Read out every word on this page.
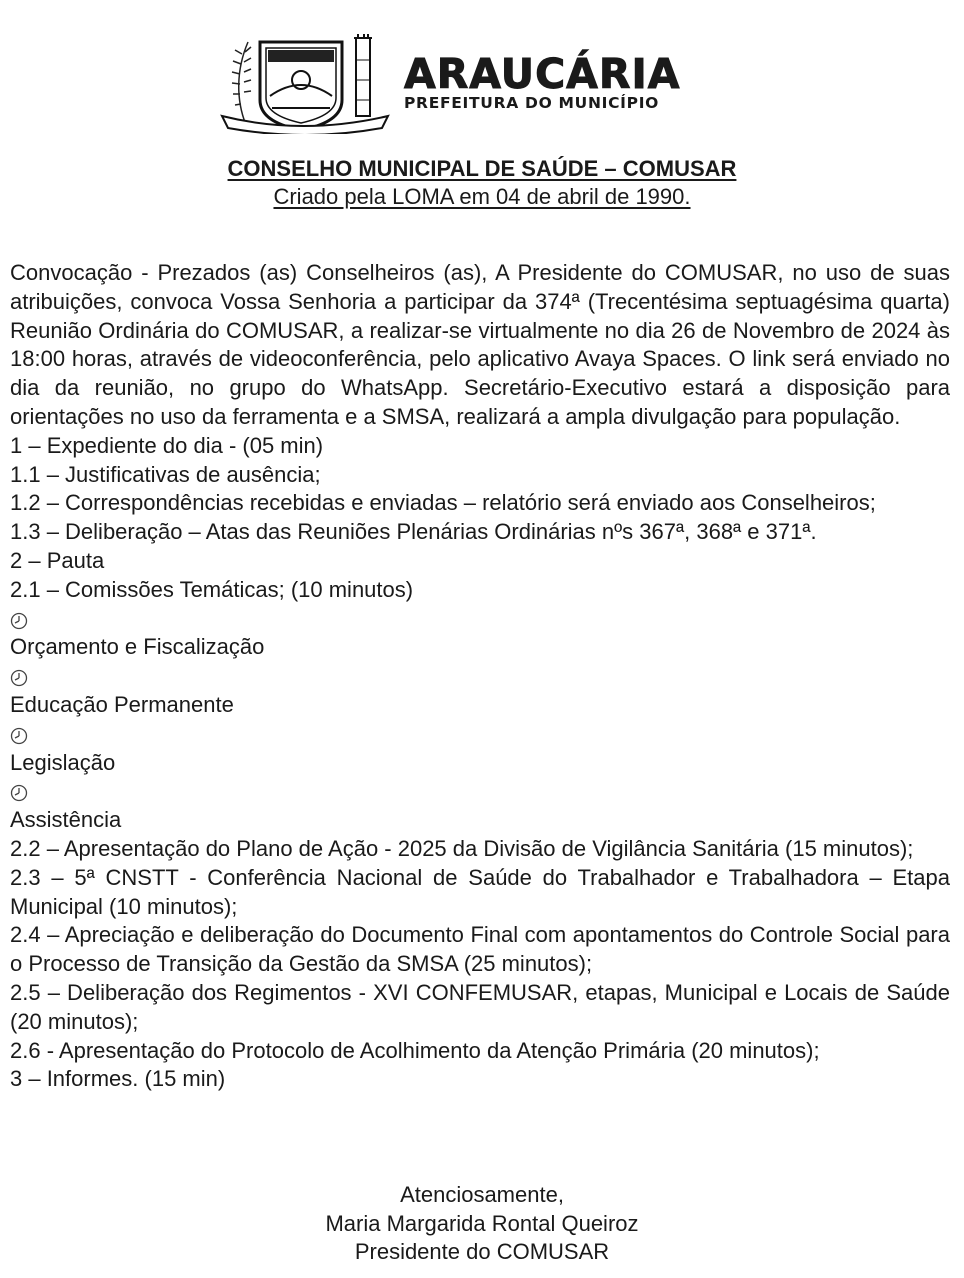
ARAUCÁRIA
PREFEITURA DO MUNICÍPIO
CONSELHO MUNICIPAL DE SAÚDE – COMUSAR
Criado pela LOMA em 04 de abril de 1990.

Convocação - Prezados (as) Conselheiros (as), A Presidente do COMUSAR, no uso de suas atribuições, convoca Vossa Senhoria a participar da 374ª (Trecentésima septuagésima quarta) Reunião Ordinária do COMUSAR, a realizar-se virtualmente no dia 26 de Novembro de 2024 às 18:00 horas, através de videoconferência, pelo aplicativo Avaya Spaces. O link será enviado no dia da reunião, no grupo do WhatsApp. Secretário-Executivo estará a disposição para orientações no uso da ferramenta e a SMSA, realizará a ampla divulgação para população.

1 – Expediente do dia - (05 min)

1.1 – Justificativas de ausência;

1.2 – Correspondências recebidas e enviadas – relatório será enviado aos Conselheiros;

1.3 – Deliberação – Atas das Reuniões Plenárias Ordinárias nºs 367ª, 368ª e 371ª.

2 – Pauta

2.1 – Comissões Temáticas; (10 minutos)

Orçamento e Fiscalização

Educação Permanente

Legislação

Assistência

2.2 – Apresentação do Plano de Ação - 2025 da Divisão de Vigilância Sanitária (15 minutos);

2.3 – 5ª CNSTT - Conferência Nacional de Saúde do Trabalhador e Trabalhadora – Etapa Municipal (10 minutos);

2.4 – Apreciação e deliberação do Documento Final com apontamentos do Controle Social para o Processo de Transição da Gestão da SMSA (25 minutos);

2.5 – Deliberação dos Regimentos - XVI CONFEMUSAR, etapas, Municipal e Locais de Saúde (20 minutos);

2.6 - Apresentação do Protocolo de Acolhimento da Atenção Primária (20 minutos);

3 – Informes. (15 min)

Atenciosamente,
Maria Margarida Rontal Queiroz
Presidente do COMUSAR
